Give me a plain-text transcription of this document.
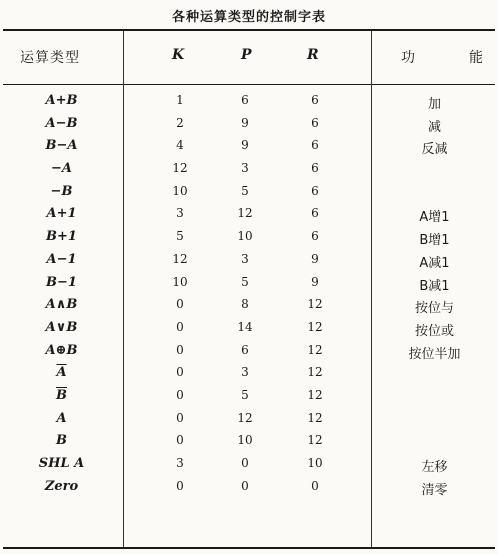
各种运算类型的控制字表
运算类型	K	P	R	功	能
A+B	1	6	6	加
A−B	2	9	6	减
B−A	4	9	6	反减
−A	12	3	6
−B	10	5	6
A+1	3	12	6	A增1
B+1	5	10	6	B增1
A−1	12	3	9	A减1
B−1	10	5	9	B减1
A∧B	0	8	12	按位与
A∨B	0	14	12	按位或
A⊕B	0	6	12	按位半加
$\overline{A}$	0	3	12
$\overline{B}$	0	5	12
A	0	12	12
B	0	10	12
SHL A	3	0	10	左移
Zero	0	0	0	清零
